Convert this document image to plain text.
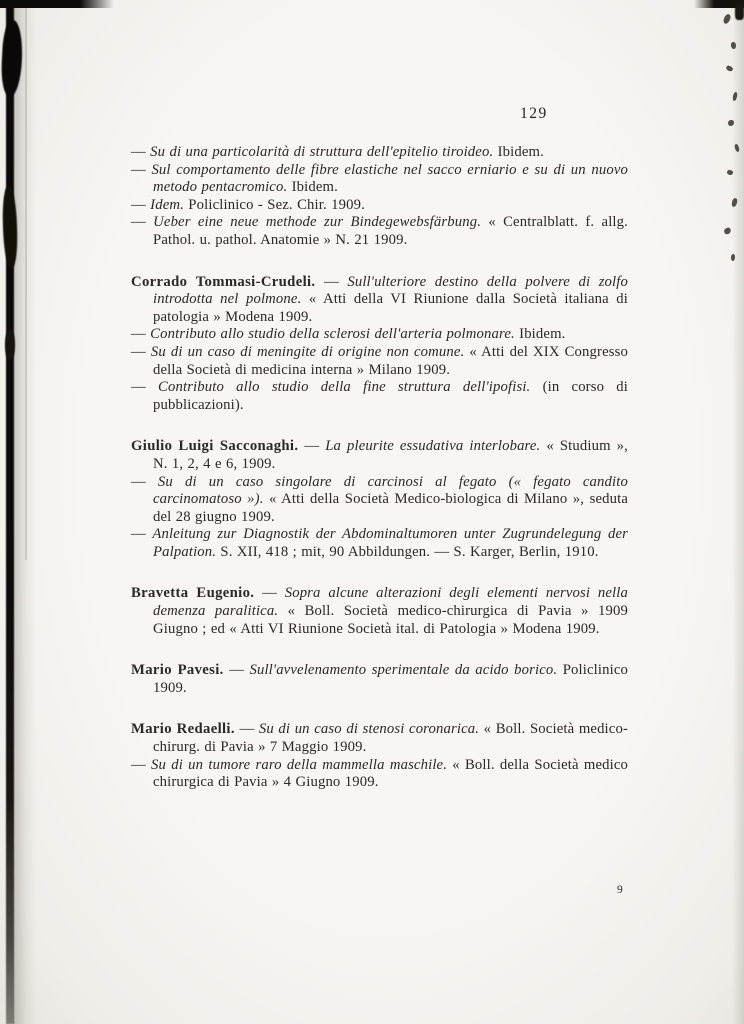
129

— Su di una particolarità di struttura dell'epitelio tiroideo. Ibidem.

— Sul comportamento delle fibre elastiche nel sacco erniario e su di un nuovo metodo pentacromico. Ibidem.

— Idem. Policlinico - Sez. Chir. 1909.

— Ueber eine neue methode zur Bindegewebsfärbung. « Centralblatt. f. allg. Pathol. u. pathol. Anatomie » N. 21 1909.

Corrado Tommasi-Crudeli. — Sull'ulteriore destino della polvere di zolfo introdotta nel polmone. « Atti della VI Riunione dalla Società italiana di patologia » Modena 1909.

— Contributo allo studio della sclerosi dell'arteria polmonare. Ibidem.

— Su di un caso di meningite di origine non comune. « Atti del XIX Congresso della Società di medicina interna » Milano 1909.

— Contributo allo studio della fine struttura dell'ipofisi. (in corso di pubblicazioni).

Giulio Luigi Sacconaghi. — La pleurite essudativa interlobare. « Studium », N. 1, 2, 4 e 6, 1909.

— Su di un caso singolare di carcinosi al fegato (« fegato candito carcinomatoso »). « Atti della Società Medico-biologica di Milano », seduta del 28 giugno 1909.

— Anleitung zur Diagnostik der Abdominaltumoren unter Zugrundelegung der Palpation. S. XII, 418 ; mit, 90 Abbildungen. — S. Karger, Berlin, 1910.

Bravetta Eugenio. — Sopra alcune alterazioni degli elementi nervosi nella demenza paralitica. « Boll. Società medico-chirurgica di Pavia » 1909 Giugno ; ed « Atti VI Riunione Società ital. di Patologia » Modena 1909.

Mario Pavesi. — Sull'avvelenamento sperimentale da acido borico. Policlinico 1909.

Mario Redaelli. — Su di un caso di stenosi coronarica. « Boll. Società medico-chirurg. di Pavia » 7 Maggio 1909.

— Su di un tumore raro della mammella maschile. « Boll. della Società medico chirurgica di Pavia » 4 Giugno 1909.

9
